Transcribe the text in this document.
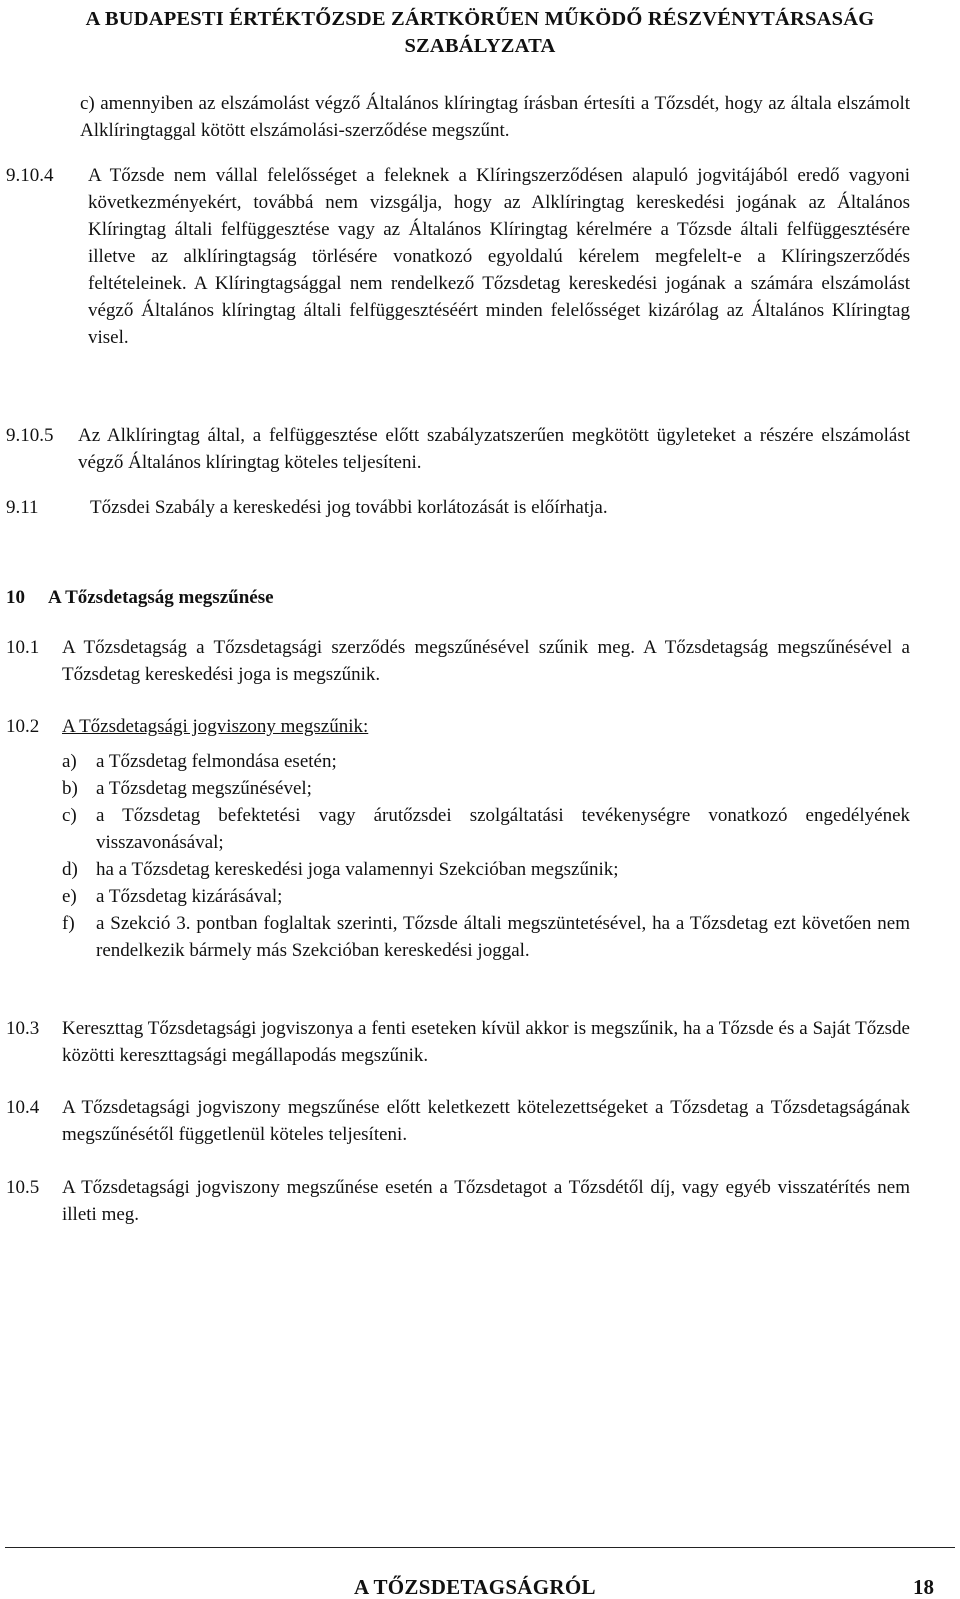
A BUDAPESTI ÉRTÉKTŐZSDE ZÁRTKÖRŰEN MŰKÖDŐ RÉSZVÉNYTÁRSASÁG
SZABÁLYZATA
c) amennyiben az elszámolást végző Általános klíringtag írásban értesíti a Tőzsdét, hogy az általa elszámolt Alklíringtaggal kötött elszámolási-szerződése megszűnt.
9.10.4 A Tőzsde nem vállal felelősséget a feleknek a Klíringszerződésen alapuló jogvitájából eredő vagyoni következményekért, továbbá nem vizsgálja, hogy az Alklíringtag kereskedési jogának az Általános Klíringtag általi felfüggesztése vagy az Általános Klíringtag kérelmére a Tőzsde általi felfüggesztésére illetve az alklíringtagság törlésére vonatkozó egyoldalú kérelem megfelelt-e a Klíringszerződés feltételeinek. A Klíringtagsággal nem rendelkező Tőzsdetag kereskedési jogának a számára elszámolást végző Általános klíringtag általi felfüggesztéséért minden felelősséget kizárólag az Általános Klíringtag visel.
9.10.5 Az Alklíringtag által, a felfüggesztése előtt szabályzatszerűen megkötött ügyleteket a részére elszámolást végző Általános klíringtag köteles teljesíteni.
9.11	Tőzsdei Szabály a kereskedési jog további korlátozását is előírhatja.
10 A Tőzsdetagság megszűnése
10.1 A Tőzsdetagság a Tőzsdetagsági szerződés megszűnésével szűnik meg. A Tőzsdetagság megszűnésével a Tőzsdetag kereskedési joga is megszűnik.
10.2 A Tőzsdetagsági jogviszony megszűnik:
a) a Tőzsdetag felmondása esetén;
b) a Tőzsdetag megszűnésével;
c) a Tőzsdetag befektetési vagy árutőzsdei szolgáltatási tevékenységre vonatkozó engedélyének visszavonásával;
d) ha a Tőzsdetag kereskedési joga valamennyi Szekcióban megszűnik;
e) a Tőzsdetag kizárásával;
f) a Szekció 3. pontban foglaltak szerinti, Tőzsde általi megszüntetésével, ha a Tőzsdetag ezt követően nem rendelkezik bármely más Szekcióban kereskedési joggal.
10.3 Kereszttag Tőzsdetagsági jogviszonya a fenti eseteken kívül akkor is megszűnik, ha a Tőzsde és a Saját Tőzsde közötti kereszttagsági megállapodás megszűnik.
10.4 A Tőzsdetagsági jogviszony megszűnése előtt keletkezett kötelezettségeket a Tőzsdetag a Tőzsdetagságának megszűnésétől függetlenül köteles teljesíteni.
10.5 A Tőzsdetagsági jogviszony megszűnése esetén a Tőzsdetagot a Tőzsdétől díj, vagy egyéb visszatérítés nem illeti meg.
A TŐZSDETAGSÁGRÓL	18
